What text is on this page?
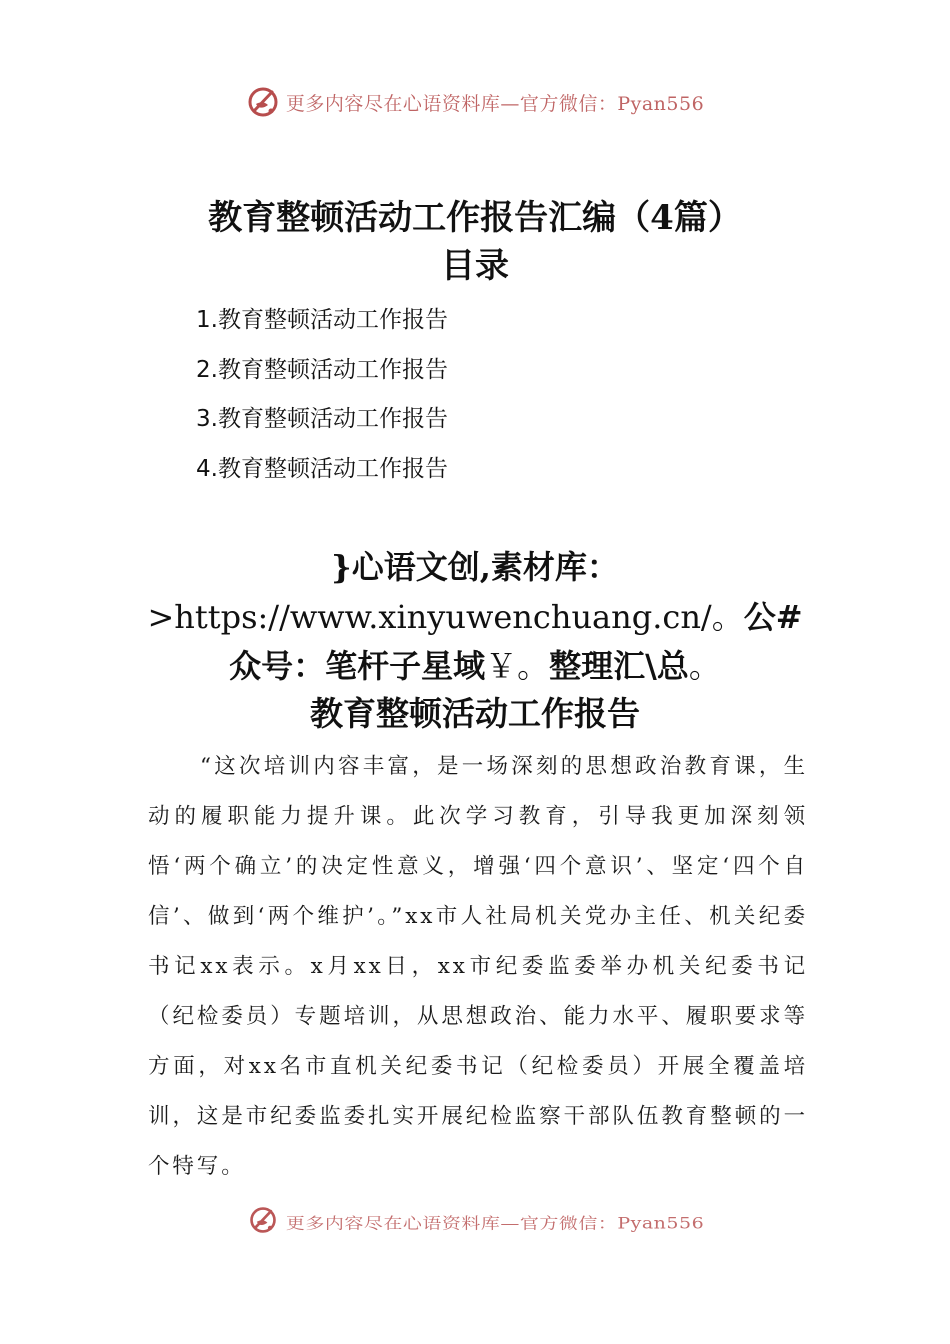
更多内容尽在心语资料库—官方微信：Pyan556
教育整顿活动工作报告汇编（4篇）
目录
1.教育整顿活动工作报告
2.教育整顿活动工作报告
3.教育整顿活动工作报告
4.教育整顿活动工作报告
}心语文创,素材库：>https://www.xinyuwenchuang.cn/。公#众号：笔杆子星域￥。整理汇\总。
教育整顿活动工作报告

“这次培训内容丰富，是一场深刻的思想政治教育课，生动的履职能力提升课。此次学习教育，引导我更加深刻领悟‘两个确立’的决定性意义，增强‘四个意识’、坚定‘四个自信’、做到‘两个维护’。”xx市人社局机关党办主任、机关纪委书记xx表示。x月xx日，xx市纪委监委举办机关纪委书记（纪检委员）专题培训，从思想政治、能力水平、履职要求等方面，对xx名市直机关纪委书记（纪检委员）开展全覆盖培训，这是市纪委监委扎实开展纪检监察干部队伍教育整顿的一个特写。

更多内容尽在心语资料库—官方微信：Pyan556
